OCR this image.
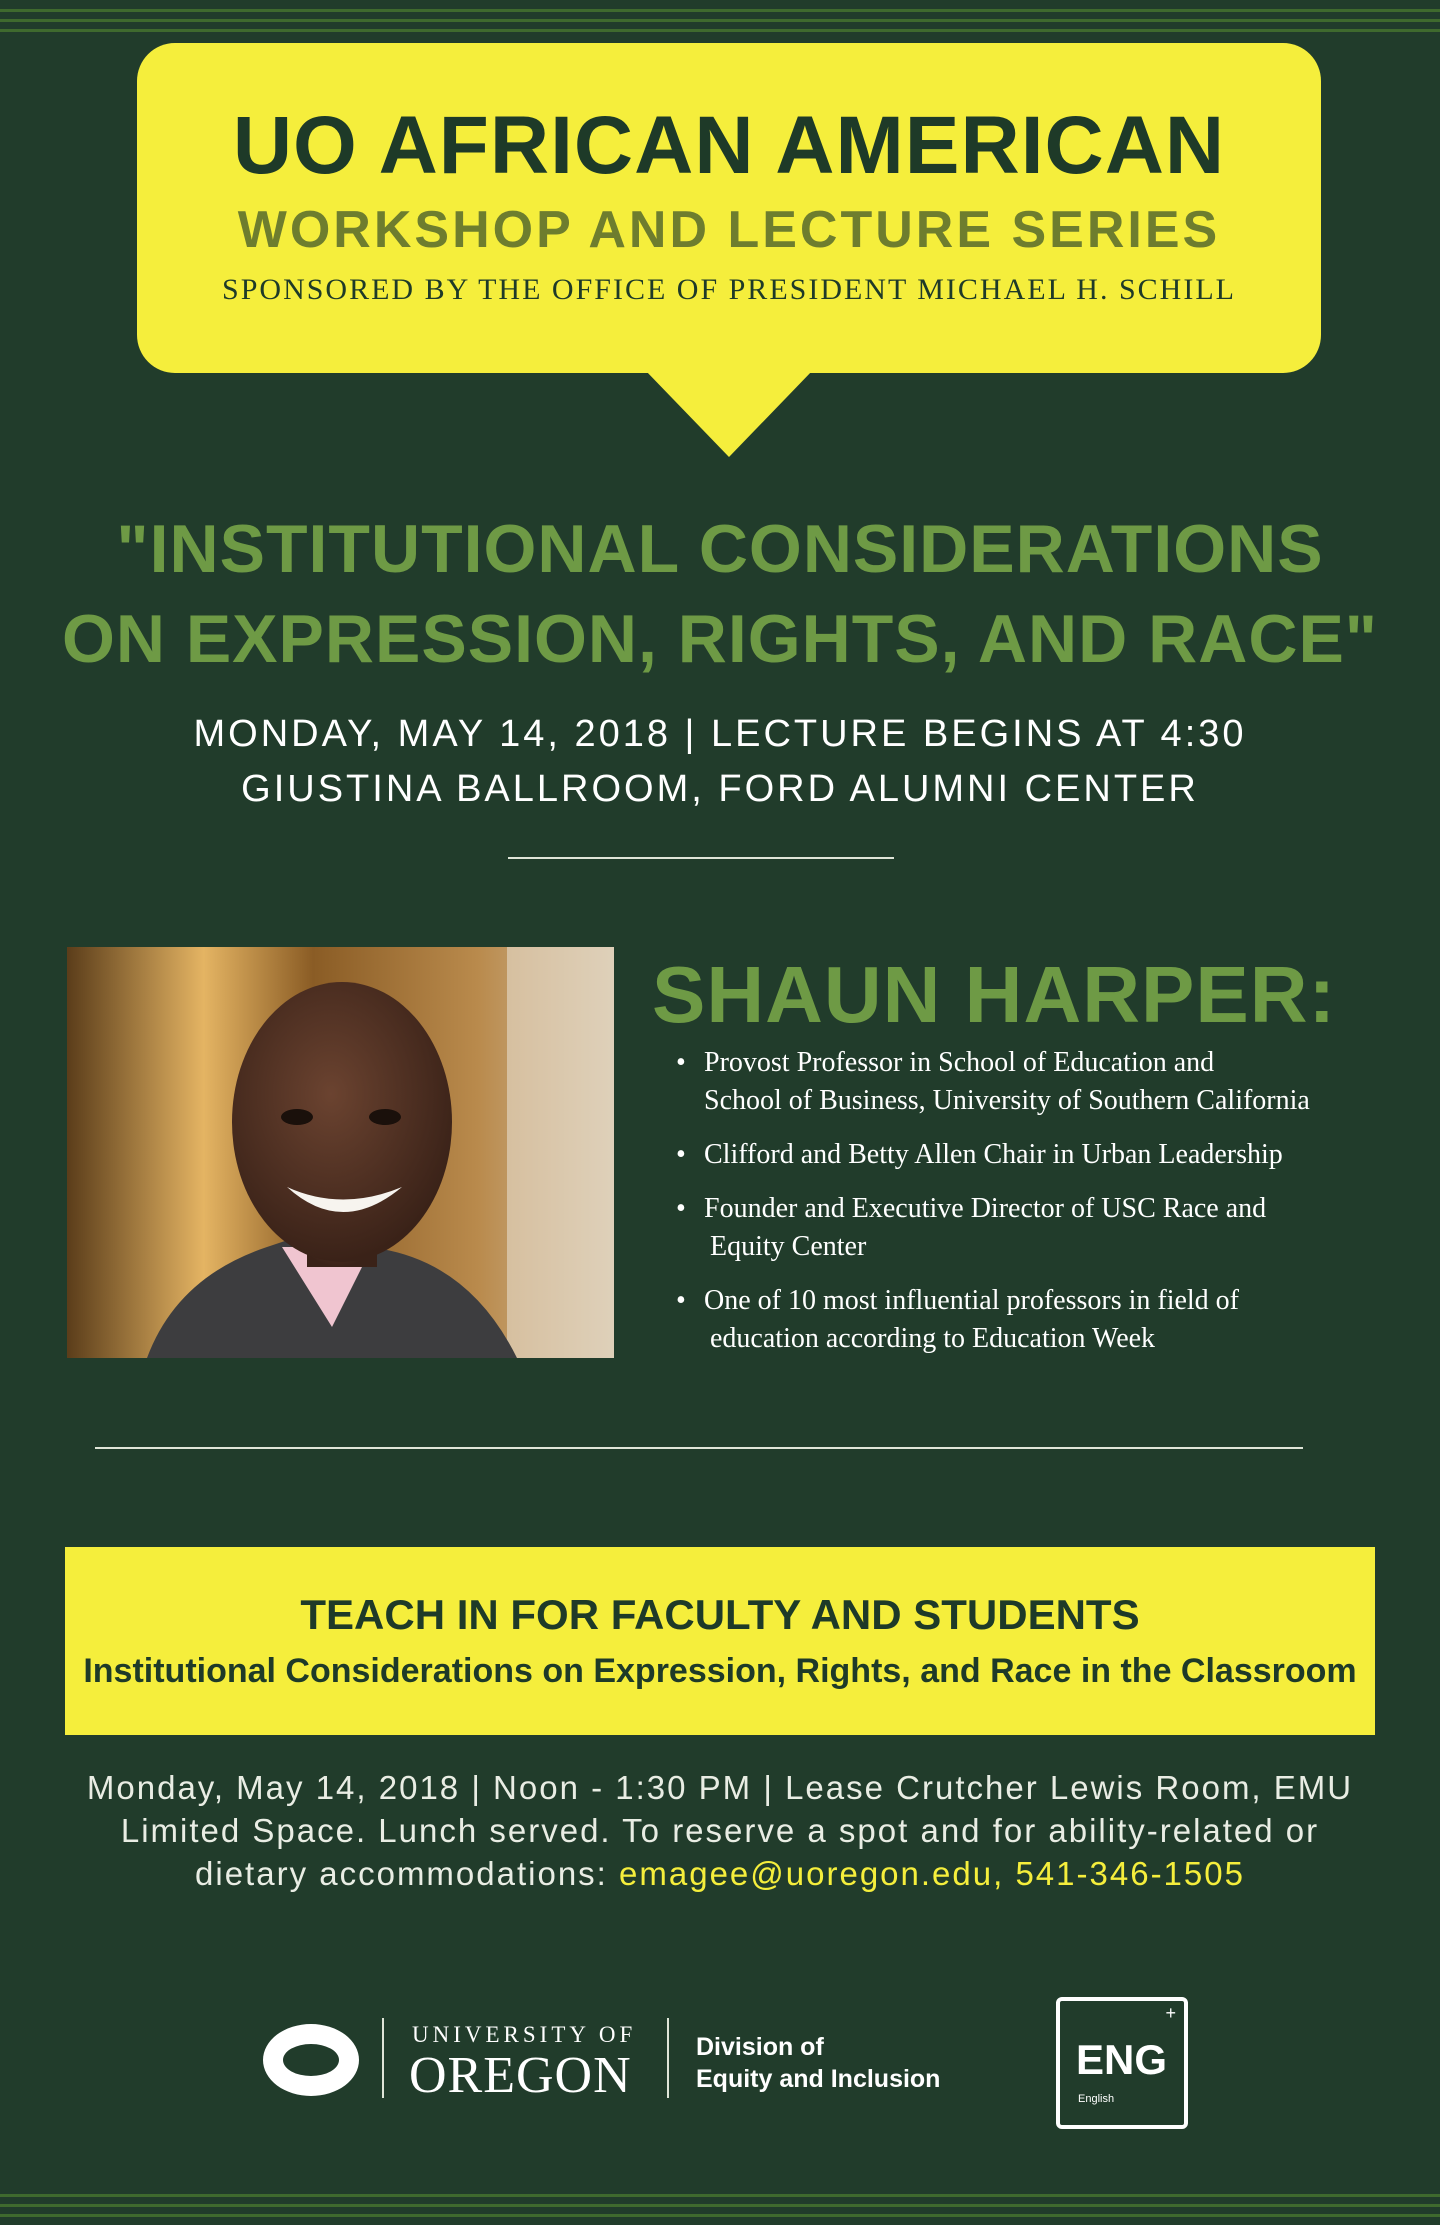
UO AFRICAN AMERICAN
WORKSHOP AND LECTURE SERIES
SPONSORED BY THE OFFICE OF PRESIDENT MICHAEL H. SCHILL
"INSTITUTIONAL CONSIDERATIONS
ON EXPRESSION, RIGHTS, AND RACE"
MONDAY, MAY 14, 2018 | LECTURE BEGINS AT 4:30
GIUSTINA BALLROOM, FORD ALUMNI CENTER
SHAUN HARPER:
• Provost Professor in School of Education and
School of Business, University of Southern California
• Clifford and Betty Allen Chair in Urban Leadership
• Founder and Executive Director of USC Race and
Equity Center
• One of 10 most influential professors in field of
education according to Education Week
TEACH IN FOR FACULTY AND STUDENTS
Institutional Considerations on Expression, Rights, and Race in the Classroom
Monday, May 14, 2018 | Noon - 1:30 PM | Lease Crutcher Lewis Room, EMU
Limited Space. Lunch served. To reserve a spot and for ability-related or
dietary accommodations: emagee@uoregon.edu, 541-346-1505
UNIVERSITY OF
OREGON	Division of
Equity and Inclusion
+
ENG
English
